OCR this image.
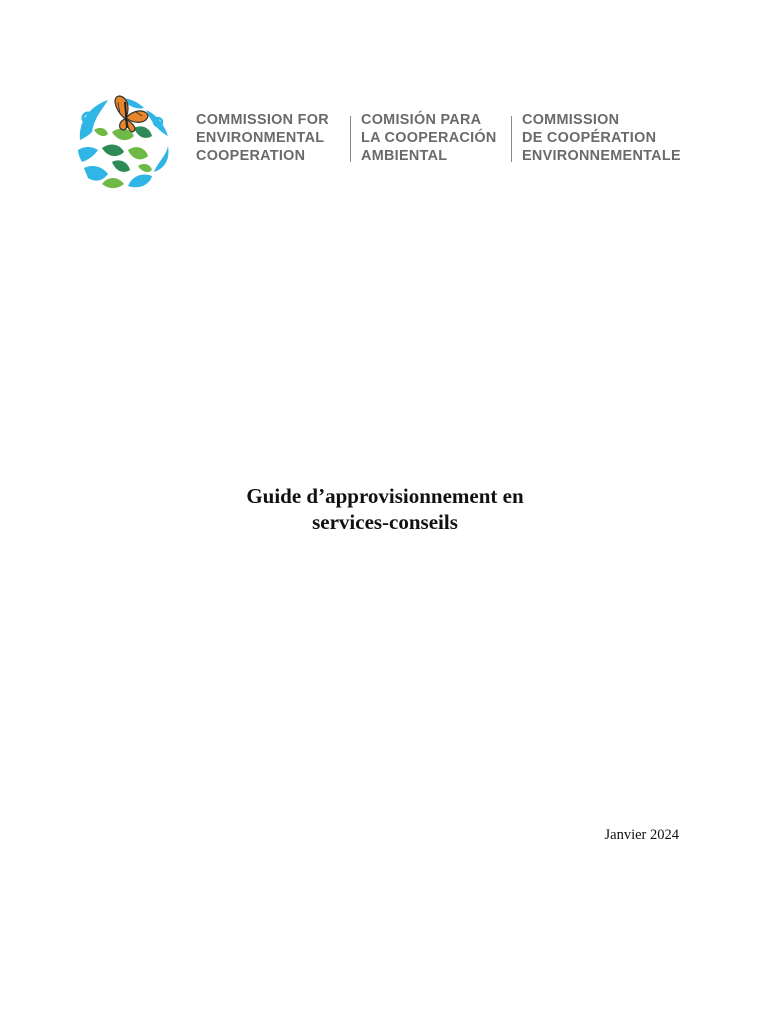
COMMISSION FOR
ENVIRONMENTAL
COOPERATION
COMISIÓN PARA
LA COOPERACIÓN
AMBIENTAL
COMMISSION
DE COOPÉRATION
ENVIRONNEMENTALE
Guide d’approvisionnement en
services-conseils
Janvier 2024
